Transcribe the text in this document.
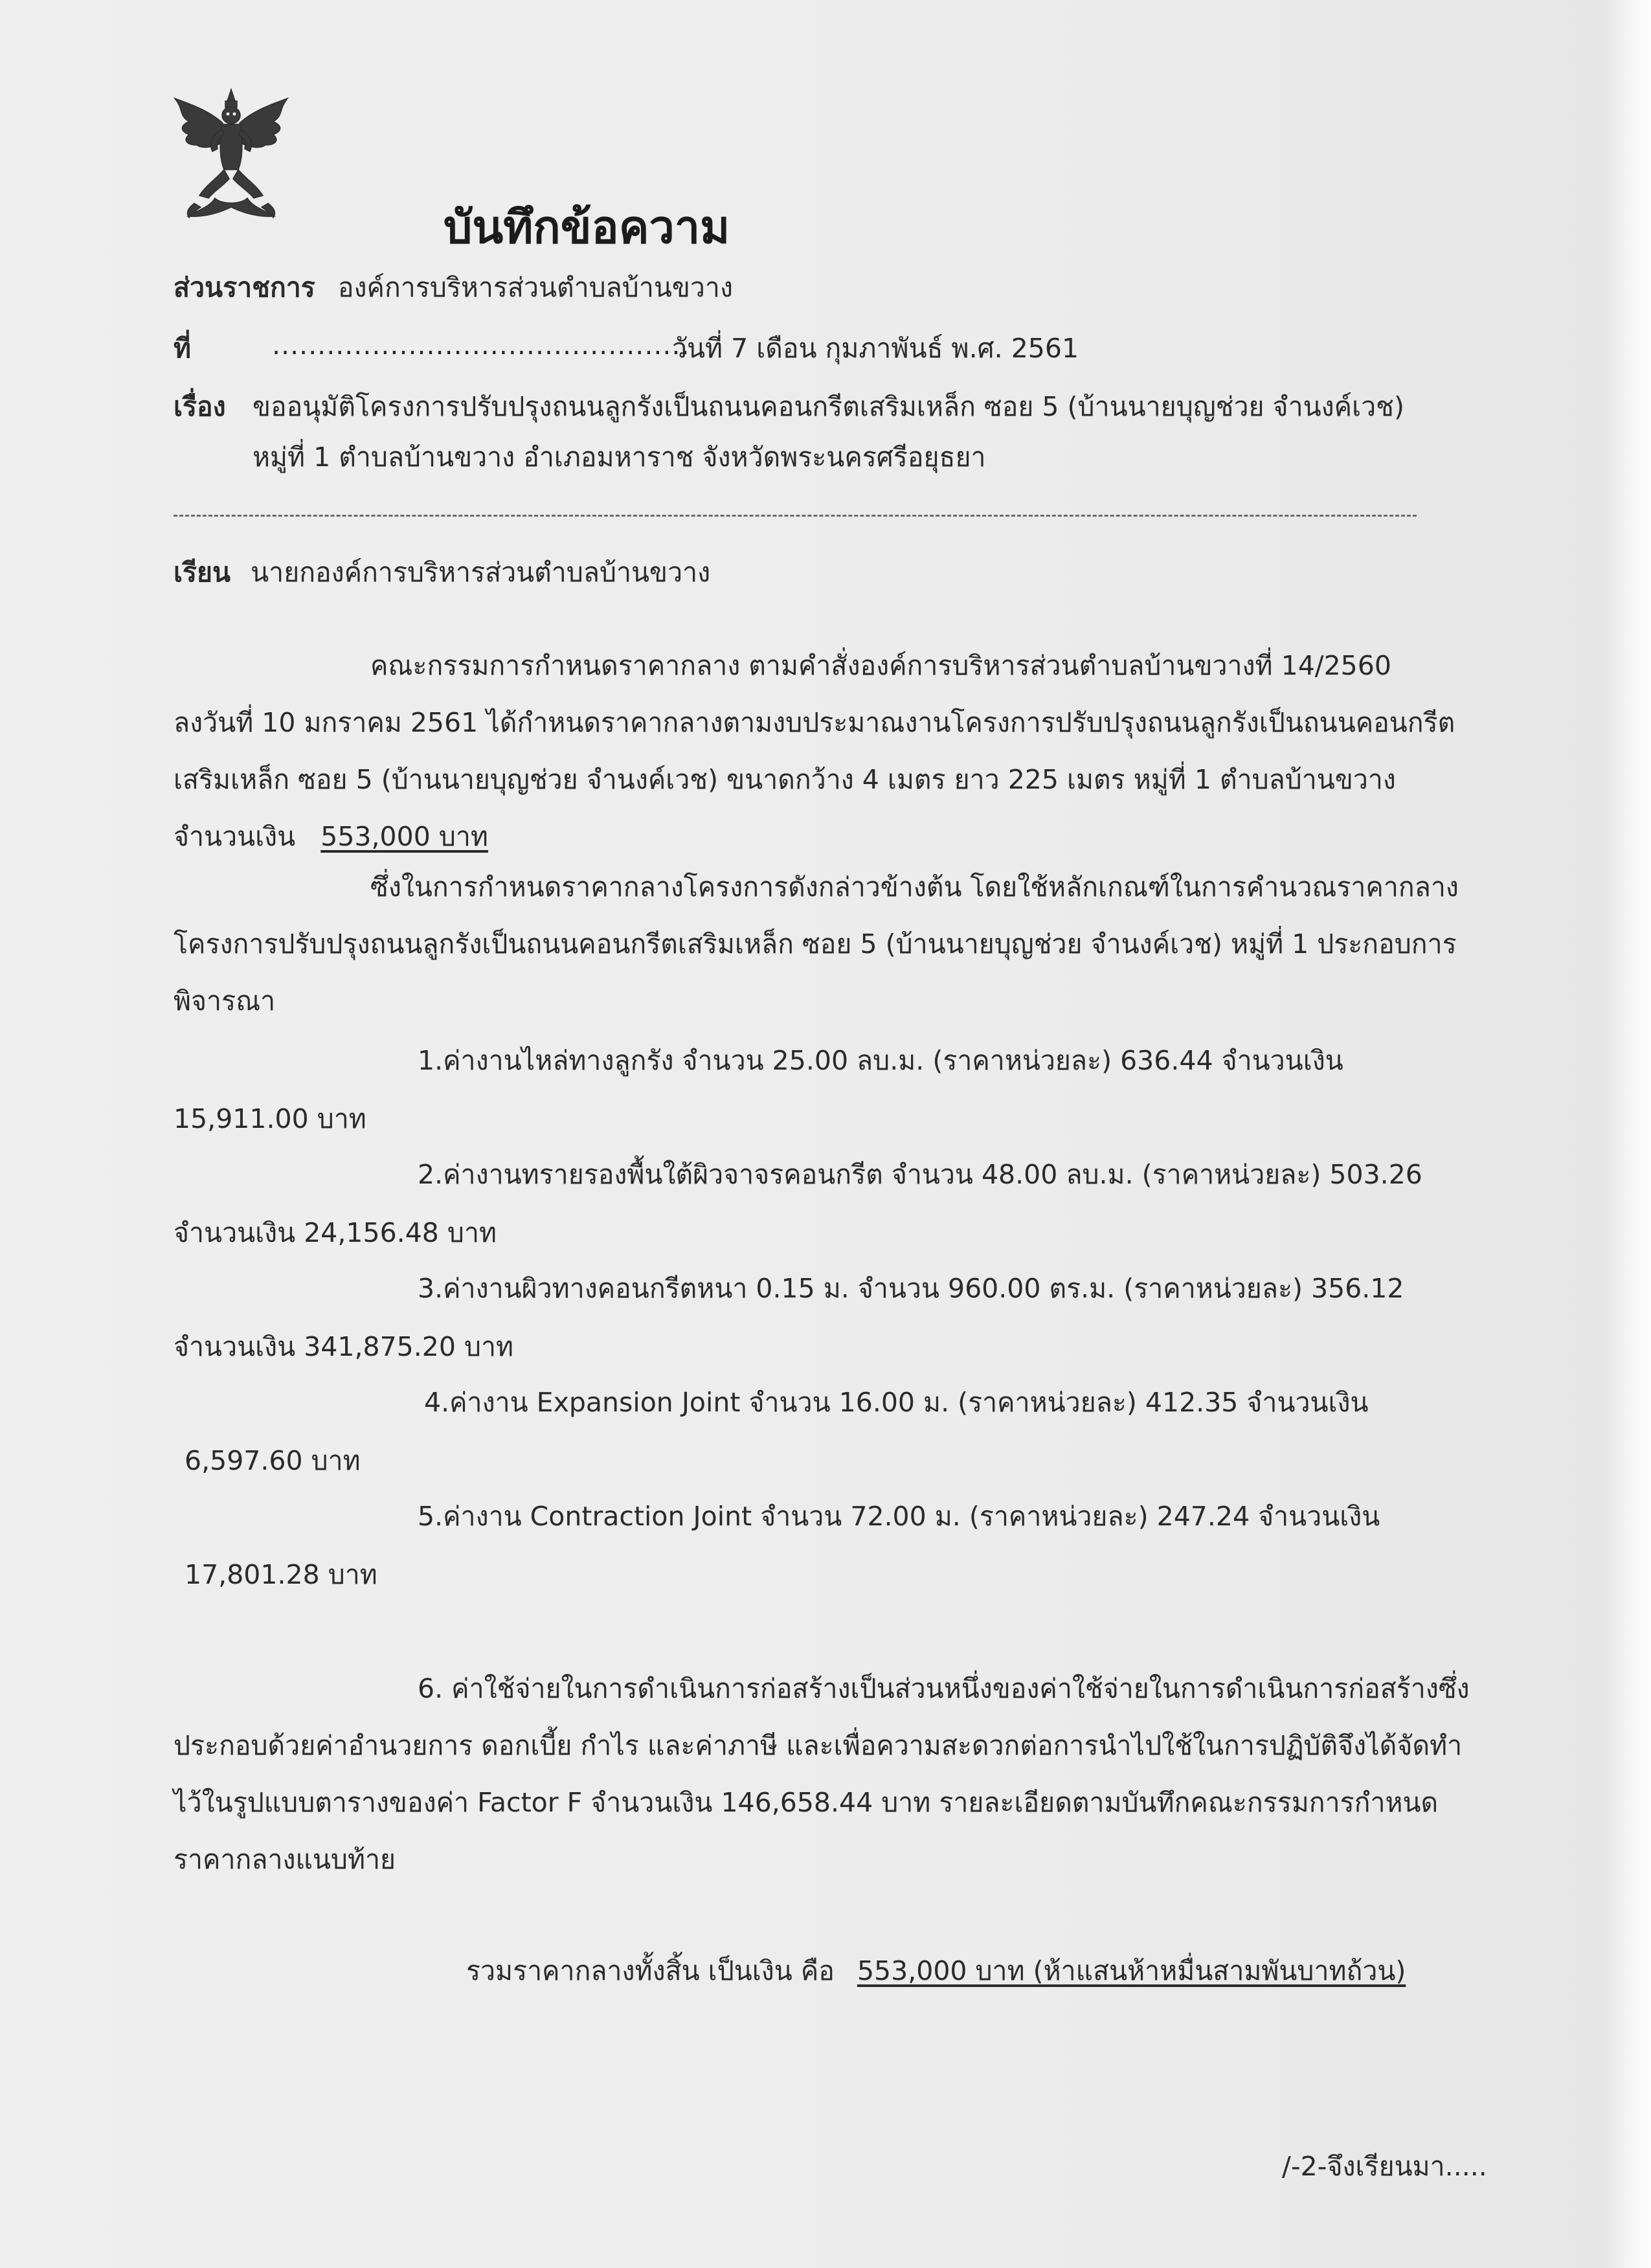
บันทึกข้อความ
ส่วนราชการ องค์การบริหารส่วนตำบลบ้านขวาง
ที่	..............................................
วันที่ 7 เดือน กุมภาพันธ์ พ.ศ. 2561
เรื่อง ขออนุมัติโครงการปรับปรุงถนนลูกรังเป็นถนนคอนกรีตเสริมเหล็ก ซอย 5 (บ้านนายบุญช่วย จำนงค์เวช)
หมู่ที่ 1 ตำบลบ้านขวาง อำเภอมหาราช จังหวัดพระนครศรีอยุธยา
เรียน นายกองค์การบริหารส่วนตำบลบ้านขวาง
คณะกรรมการกำหนดราคากลาง ตามคำสั่งองค์การบริหารส่วนตำบลบ้านขวางที่ 14/2560
ลงวันที่ 10 มกราคม 2561 ได้กำหนดราคากลางตามงบประมาณงานโครงการปรับปรุงถนนลูกรังเป็นถนนคอนกรีต
เสริมเหล็ก ซอย 5 (บ้านนายบุญช่วย จำนงค์เวช) ขนาดกว้าง 4 เมตร ยาว 225 เมตร หมู่ที่ 1 ตำบลบ้านขวาง
จำนวนเงิน 553,000 บาท
ซึ่งในการกำหนดราคากลางโครงการดังกล่าวข้างต้น โดยใช้หลักเกณฑ์ในการคำนวณราคากลาง
โครงการปรับปรุงถนนลูกรังเป็นถนนคอนกรีตเสริมเหล็ก ซอย 5 (บ้านนายบุญช่วย จำนงค์เวช) หมู่ที่ 1 ประกอบการ
พิจารณา
1.ค่างานไหล่ทางลูกรัง จำนวน 25.00 ลบ.ม. (ราคาหน่วยละ) 636.44 จำนวนเงิน
15,911.00 บาท
2.ค่างานทรายรองพื้นใต้ผิวจาจรคอนกรีต จำนวน 48.00 ลบ.ม. (ราคาหน่วยละ) 503.26
จำนวนเงิน 24,156.48 บาท
3.ค่างานผิวทางคอนกรีตหนา 0.15 ม. จำนวน 960.00 ตร.ม. (ราคาหน่วยละ) 356.12
จำนวนเงิน 341,875.20 บาท
4.ค่างาน Expansion Joint จำนวน 16.00 ม. (ราคาหน่วยละ) 412.35 จำนวนเงิน
6,597.60 บาท
5.ค่างาน Contraction Joint จำนวน 72.00 ม. (ราคาหน่วยละ) 247.24 จำนวนเงิน
17,801.28 บาท
6. ค่าใช้จ่ายในการดำเนินการก่อสร้างเป็นส่วนหนึ่งของค่าใช้จ่ายในการดำเนินการก่อสร้างซึ่ง
ประกอบด้วยค่าอำนวยการ ดอกเบี้ย กำไร และค่าภาษี และเพื่อความสะดวกต่อการนำไปใช้ในการปฏิบัติจึงได้จัดทำ
ไว้ในรูปแบบตารางของค่า Factor F จำนวนเงิน 146,658.44 บาท รายละเอียดตามบันทึกคณะกรรมการกำหนด
ราคากลางแนบท้าย
รวมราคากลางทั้งสิ้น เป็นเงิน คือ 553,000 บาท (ห้าแสนห้าหมื่นสามพันบาทถ้วน)
/-2-จึงเรียนมา.....
